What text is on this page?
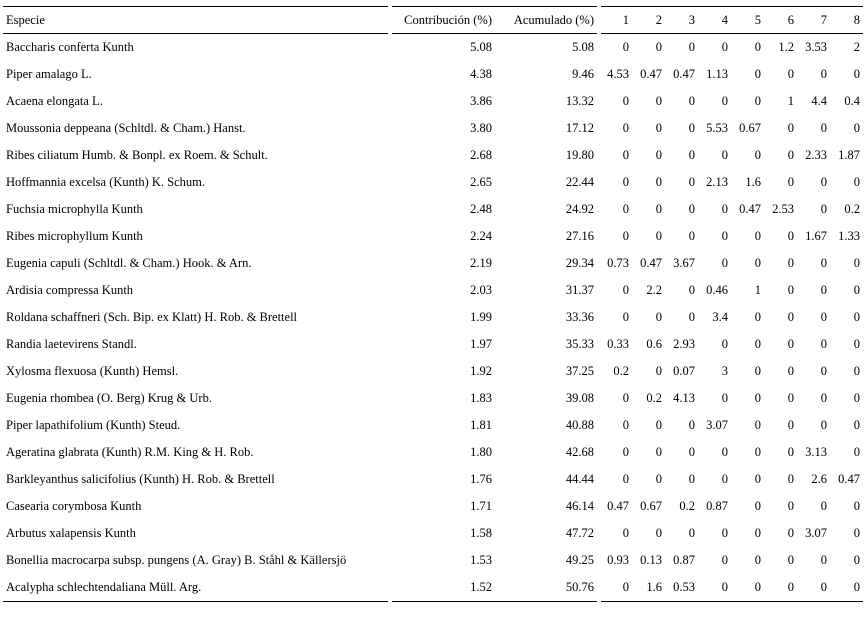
Especie	Contribución (%)	Acumulado (%)	1	2	3	4	5	6	7	8
Baccharis conferta Kunth	5.08	5.08	0	0	0	0	0	1.2	3.53	2
Piper amalago L.	4.38	9.46	4.53	0.47	0.47	1.13	0	0	0	0
Acaena elongata L.	3.86	13.32	0	0	0	0	0	1	4.4	0.4
Moussonia deppeana (Schltdl. & Cham.) Hanst.	3.80	17.12	0	0	0	5.53	0.67	0	0	0
Ribes ciliatum Humb. & Bonpl. ex Roem. & Schult.	2.68	19.80	0	0	0	0	0	0	2.33	1.87
Hoffmannia excelsa (Kunth) K. Schum.	2.65	22.44	0	0	0	2.13	1.6	0	0	0
Fuchsia microphylla Kunth	2.48	24.92	0	0	0	0	0.47	2.53	0	0.2
Ribes microphyllum Kunth	2.24	27.16	0	0	0	0	0	0	1.67	1.33
Eugenia capuli (Schltdl. & Cham.) Hook. & Arn.	2.19	29.34	0.73	0.47	3.67	0	0	0	0	0
Ardisia compressa Kunth	2.03	31.37	0	2.2	0	0.46	1	0	0	0
Roldana schaffneri (Sch. Bip. ex Klatt) H. Rob. & Brettell	1.99	33.36	0	0	0	3.4	0	0	0	0
Randia laetevirens Standl.	1.97	35.33	0.33	0.6	2.93	0	0	0	0	0
Xylosma flexuosa (Kunth) Hemsl.	1.92	37.25	0.2	0	0.07	3	0	0	0	0
Eugenia rhombea (O. Berg) Krug & Urb.	1.83	39.08	0	0.2	4.13	0	0	0	0	0
Piper lapathifolium (Kunth) Steud.	1.81	40.88	0	0	0	3.07	0	0	0	0
Ageratina glabrata (Kunth) R.M. King & H. Rob.	1.80	42.68	0	0	0	0	0	0	3.13	0
Barkleyanthus salicifolius (Kunth) H. Rob. & Brettell	1.76	44.44	0	0	0	0	0	0	2.6	0.47
Casearia corymbosa Kunth	1.71	46.14	0.47	0.67	0.2	0.87	0	0	0	0
Arbutus xalapensis Kunth	1.58	47.72	0	0	0	0	0	0	3.07	0
Bonellia macrocarpa subsp. pungens (A. Gray) B. Ståhl & Källersjö	1.53	49.25	0.93	0.13	0.87	0	0	0	0	0
Acalypha schlechtendaliana Müll. Arg.	1.52	50.76	0	1.6	0.53	0	0	0	0	0
